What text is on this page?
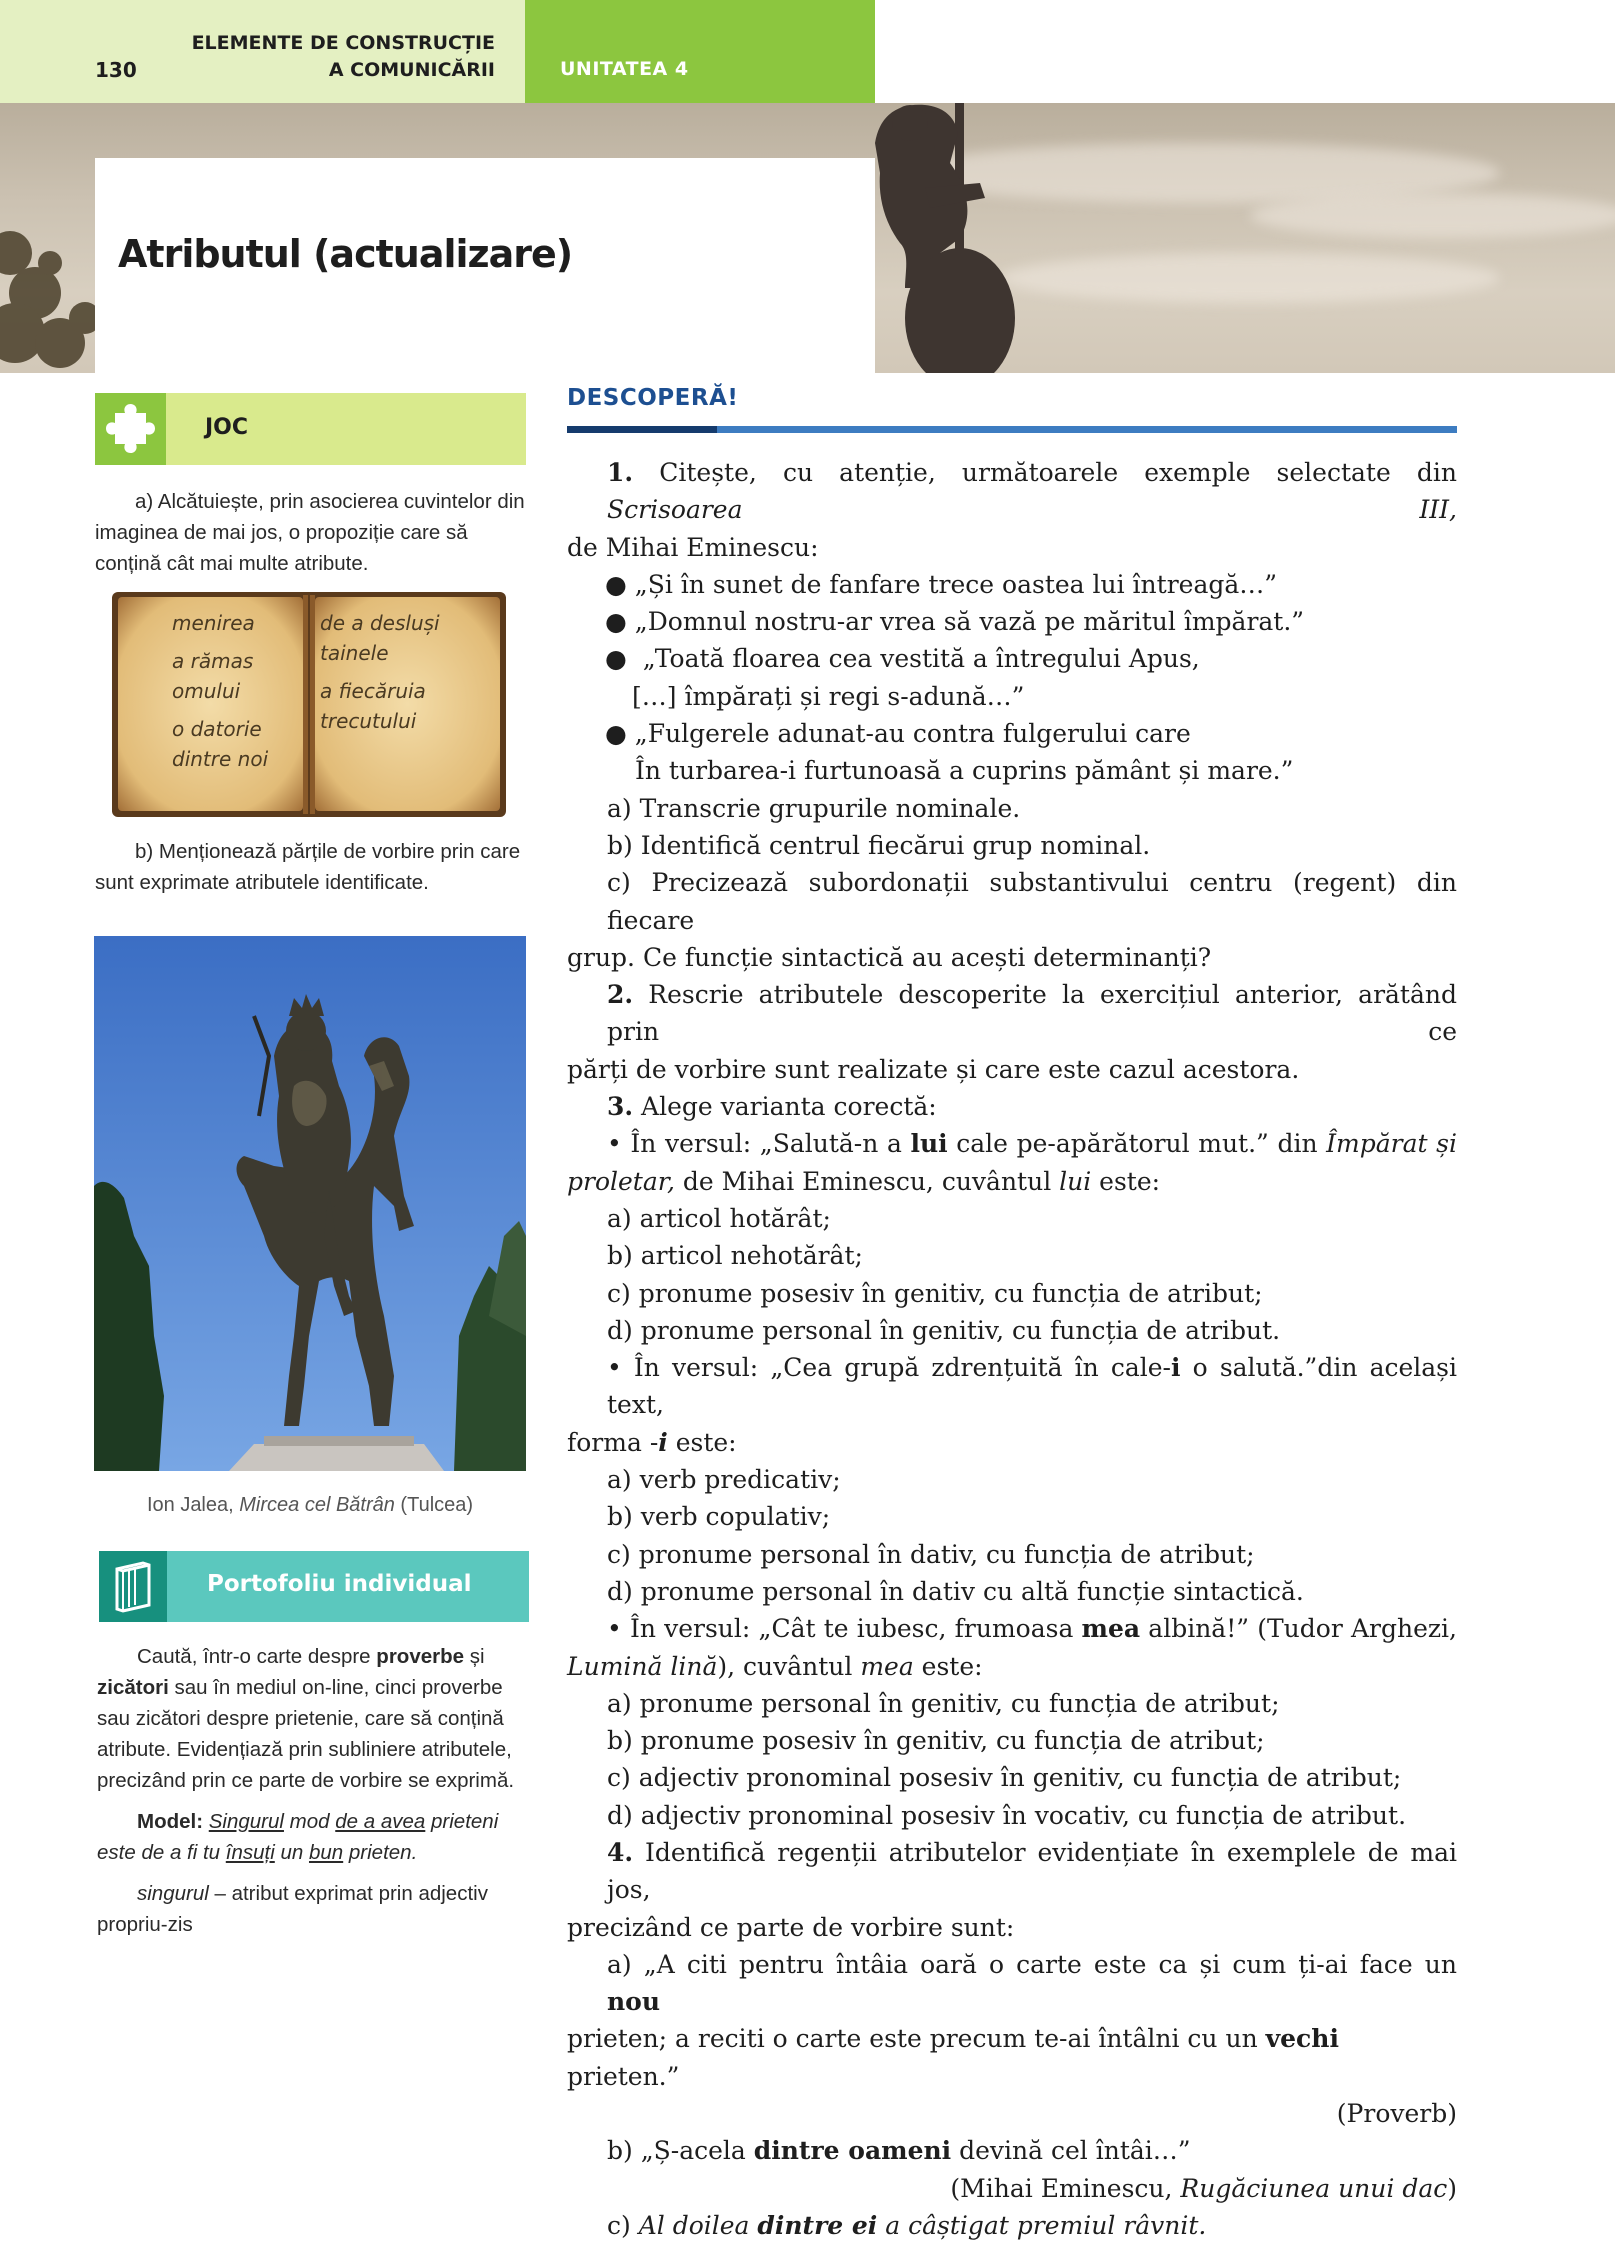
130
ELEMENTE DE CONSTRUCȚIE
A COMUNICĂRII	UNITATEA 4
Atributul (actualizare)
JOC

a) Alcătuiește, prin asocierea cuvintelor din imaginea de mai jos, o propoziție care să conțină cât mai multe atribute.

menirea
a rămas
omului
o datorie
dintre noi
de a desluși
tainele
a fiecăruia
trecutului

b) Menționează părțile de vorbire prin care sunt exprimate atributele identificate.

Ion Jalea, Mircea cel Bătrân (Tulcea)
Portofoliu individual

Caută, într-o carte despre proverbe și zicători sau în mediul on-line, cinci proverbe sau zicători despre prietenie, care să conțină atribute. Evidențiază prin subliniere atributele, precizând prin ce parte de vorbire se exprimă.

Model: Singurul mod de a avea prieteni este de a fi tu însuți un bun prieten.

singurul – atribut exprimat prin adjectiv propriu-zis

DESCOPERĂ!

1. Citește, cu atenție, următoarele exemple selectate din Scrisoarea III,

de Mihai Eminescu:

● „Și în sunet de fanfare trece oastea lui întreagă…”

● „Domnul nostru-ar vrea să vază pe măritul împărat.”

●  „Toată floarea cea vestită a întregului Apus,

[…] împărați și regi s-adună…”

● „Fulgerele adunat-au contra fulgerului care

În turbarea-i furtunoasă a cuprins pământ și mare.”

a) Transcrie grupurile nominale.

b) Identifică centrul fiecărui grup nominal.

c) Precizează subordonații substantivului centru (regent) din fiecare

grup. Ce funcție sintactică au acești determinanți?

2. Rescrie atributele descoperite la exercițiul anterior, arătând prin ce

părți de vorbire sunt realizate și care este cazul acestora.

3. Alege varianta corectă:

• În versul: „Salută-n a lui cale pe-apărătorul mut.” din Împărat și

proletar, de Mihai Eminescu, cuvântul lui este:

a) articol hotărât;

b) articol nehotărât;

c) pronume posesiv în genitiv, cu funcția de atribut;

d) pronume personal în genitiv, cu funcția de atribut.

• În versul: „Cea grupă zdrențuită în cale-i o salută.”din același text,

forma -i este:

a) verb predicativ;

b) verb copulativ;

c) pronume personal în dativ, cu funcția de atribut;

d) pronume personal în dativ cu altă funcție sintactică.

• În versul: „Cât te iubesc, frumoasa mea albină!” (Tudor Arghezi,

Lumină lină), cuvântul mea este:

a) pronume personal în genitiv, cu funcția de atribut;

b) pronume posesiv în genitiv, cu funcția de atribut;

c) adjectiv pronominal posesiv în genitiv, cu funcția de atribut;

d) adjectiv pronominal posesiv în vocativ, cu funcția de atribut.

4. Identifică regenții atributelor evidențiate în exemplele de mai jos,

precizând ce parte de vorbire sunt:

a) „A citi pentru întâia oară o carte este ca și cum ți-ai face un nou

prieten; a reciti o carte este precum te-ai întâlni cu un vechi prieten.”

(Proverb)

b) „Ș-acela dintre oameni devină cel întâi…”

(Mihai Eminescu, Rugăciunea unui dac)

c) Al doilea dintre ei a câștigat premiul râvnit.
